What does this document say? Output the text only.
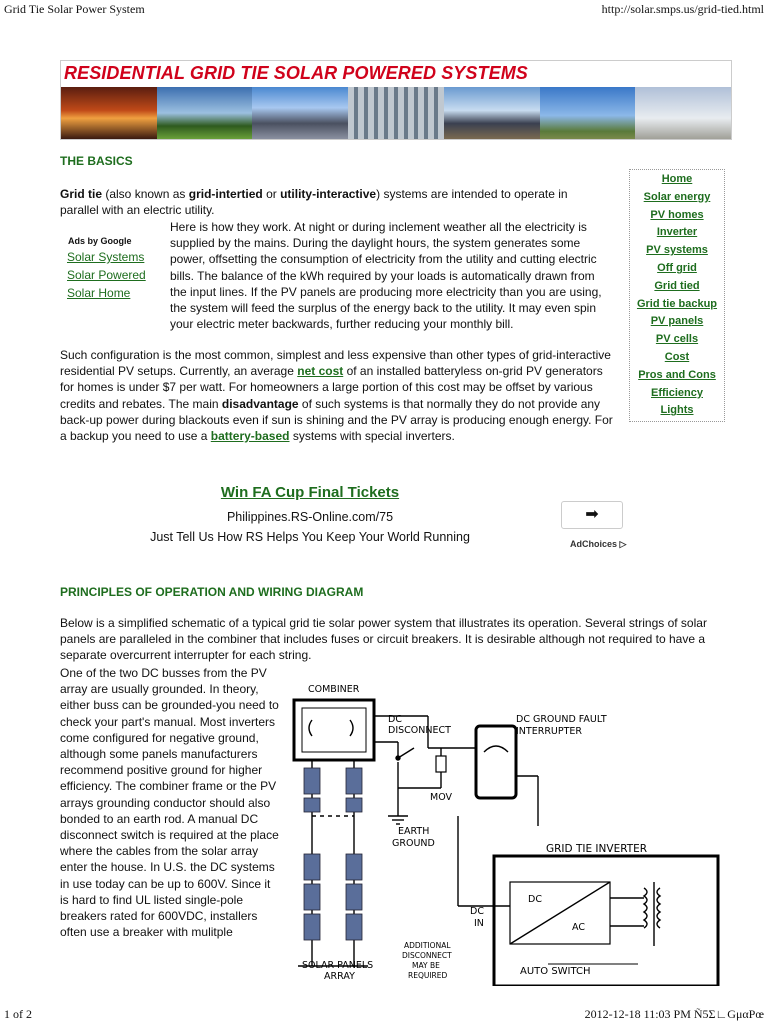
Grid Tie Solar Power System	http://solar.smps.us/grid-tied.html
RESIDENTIAL GRID TIE SOLAR POWERED SYSTEMS
THE BASICS
Grid tie (also known as grid-intertied or utility-interactive) systems are intended to operate in parallel with an electric utility.
Here is how they work. At night or during inclement weather all the electricity is supplied by the mains. During the daylight hours, the system generates some power, offsetting the consumption of electricity from the utility and cutting electric bills. The balance of the kWh required by your loads is automatically drawn from the input lines. If the PV panels are producing more electricity than you are using, the system will feed the surplus of the energy back to the utility. It may even spin your electric meter backwards, further reducing your monthly bill.
Ads by Google
Solar Systems
Solar Powered
Solar Home
Such configuration is the most common, simplest and less expensive than other types of grid-interactive residential PV setups. Currently, an average net cost of an installed batteryless on-grid PV generators for homes is under $7 per watt. For homeowners a large portion of this cost may be offset by various credits and rebates. The main disadvantage of such systems is that normally they do not provide any back-up power during blackouts even if sun is shining and the PV array is producing enough energy. For a backup you need to use a battery-based systems with special inverters.
Home
Solar energy
PV homes
Inverter
PV systems
Off grid
Grid tied
Grid tie backup
PV panels
PV cells
Cost
Pros and Cons
Efficiency
Lights
Win FA Cup Final Tickets
Philippines.RS-Online.com/75
Just Tell Us How RS Helps You Keep Your World Running
➡
AdChoices ▷
PRINCIPLES OF OPERATION AND WIRING DIAGRAM
Below is a simplified schematic of a typical grid tie solar power system that illustrates its operation. Several strings of solar panels are paralleled in the combiner that includes fuses or circuit breakers. It is desirable although not required to have a separate overcurrent interrupter for each string.
One of the two DC busses from the PV array are usually grounded. In theory, either buss can be grounded-you need to check your part's manual. Most inverters come configured for negative ground, although some panels manufacturers recommend positive ground for higher efficiency. The combiner frame or the PV arrays grounding conductor should also bonded to an earth rod. A manual DC disconnect switch is required at the place where the cables from the solar array enter the house. In U.S. the DC systems in use today can be up to 600V. Since it is hard to find UL listed single-pole breakers rated for 600VDC, installers often use a breaker with mulitple
COMBINER
DC
DISCONNECT
DC GROUND FAULT
INTERRUPTER
MOV
EARTH
GROUND	GRID TIE INVERTER
DC
AC
DC
IN
SOLAR PANELS
ARRAY	AUTO SWITCH
ADDITIONAL
DISCONNECT
MAY BE
REQUIRED
1 of 2	2012-12-18 11:03 PM Ñ5Σ∟GμαPœ
